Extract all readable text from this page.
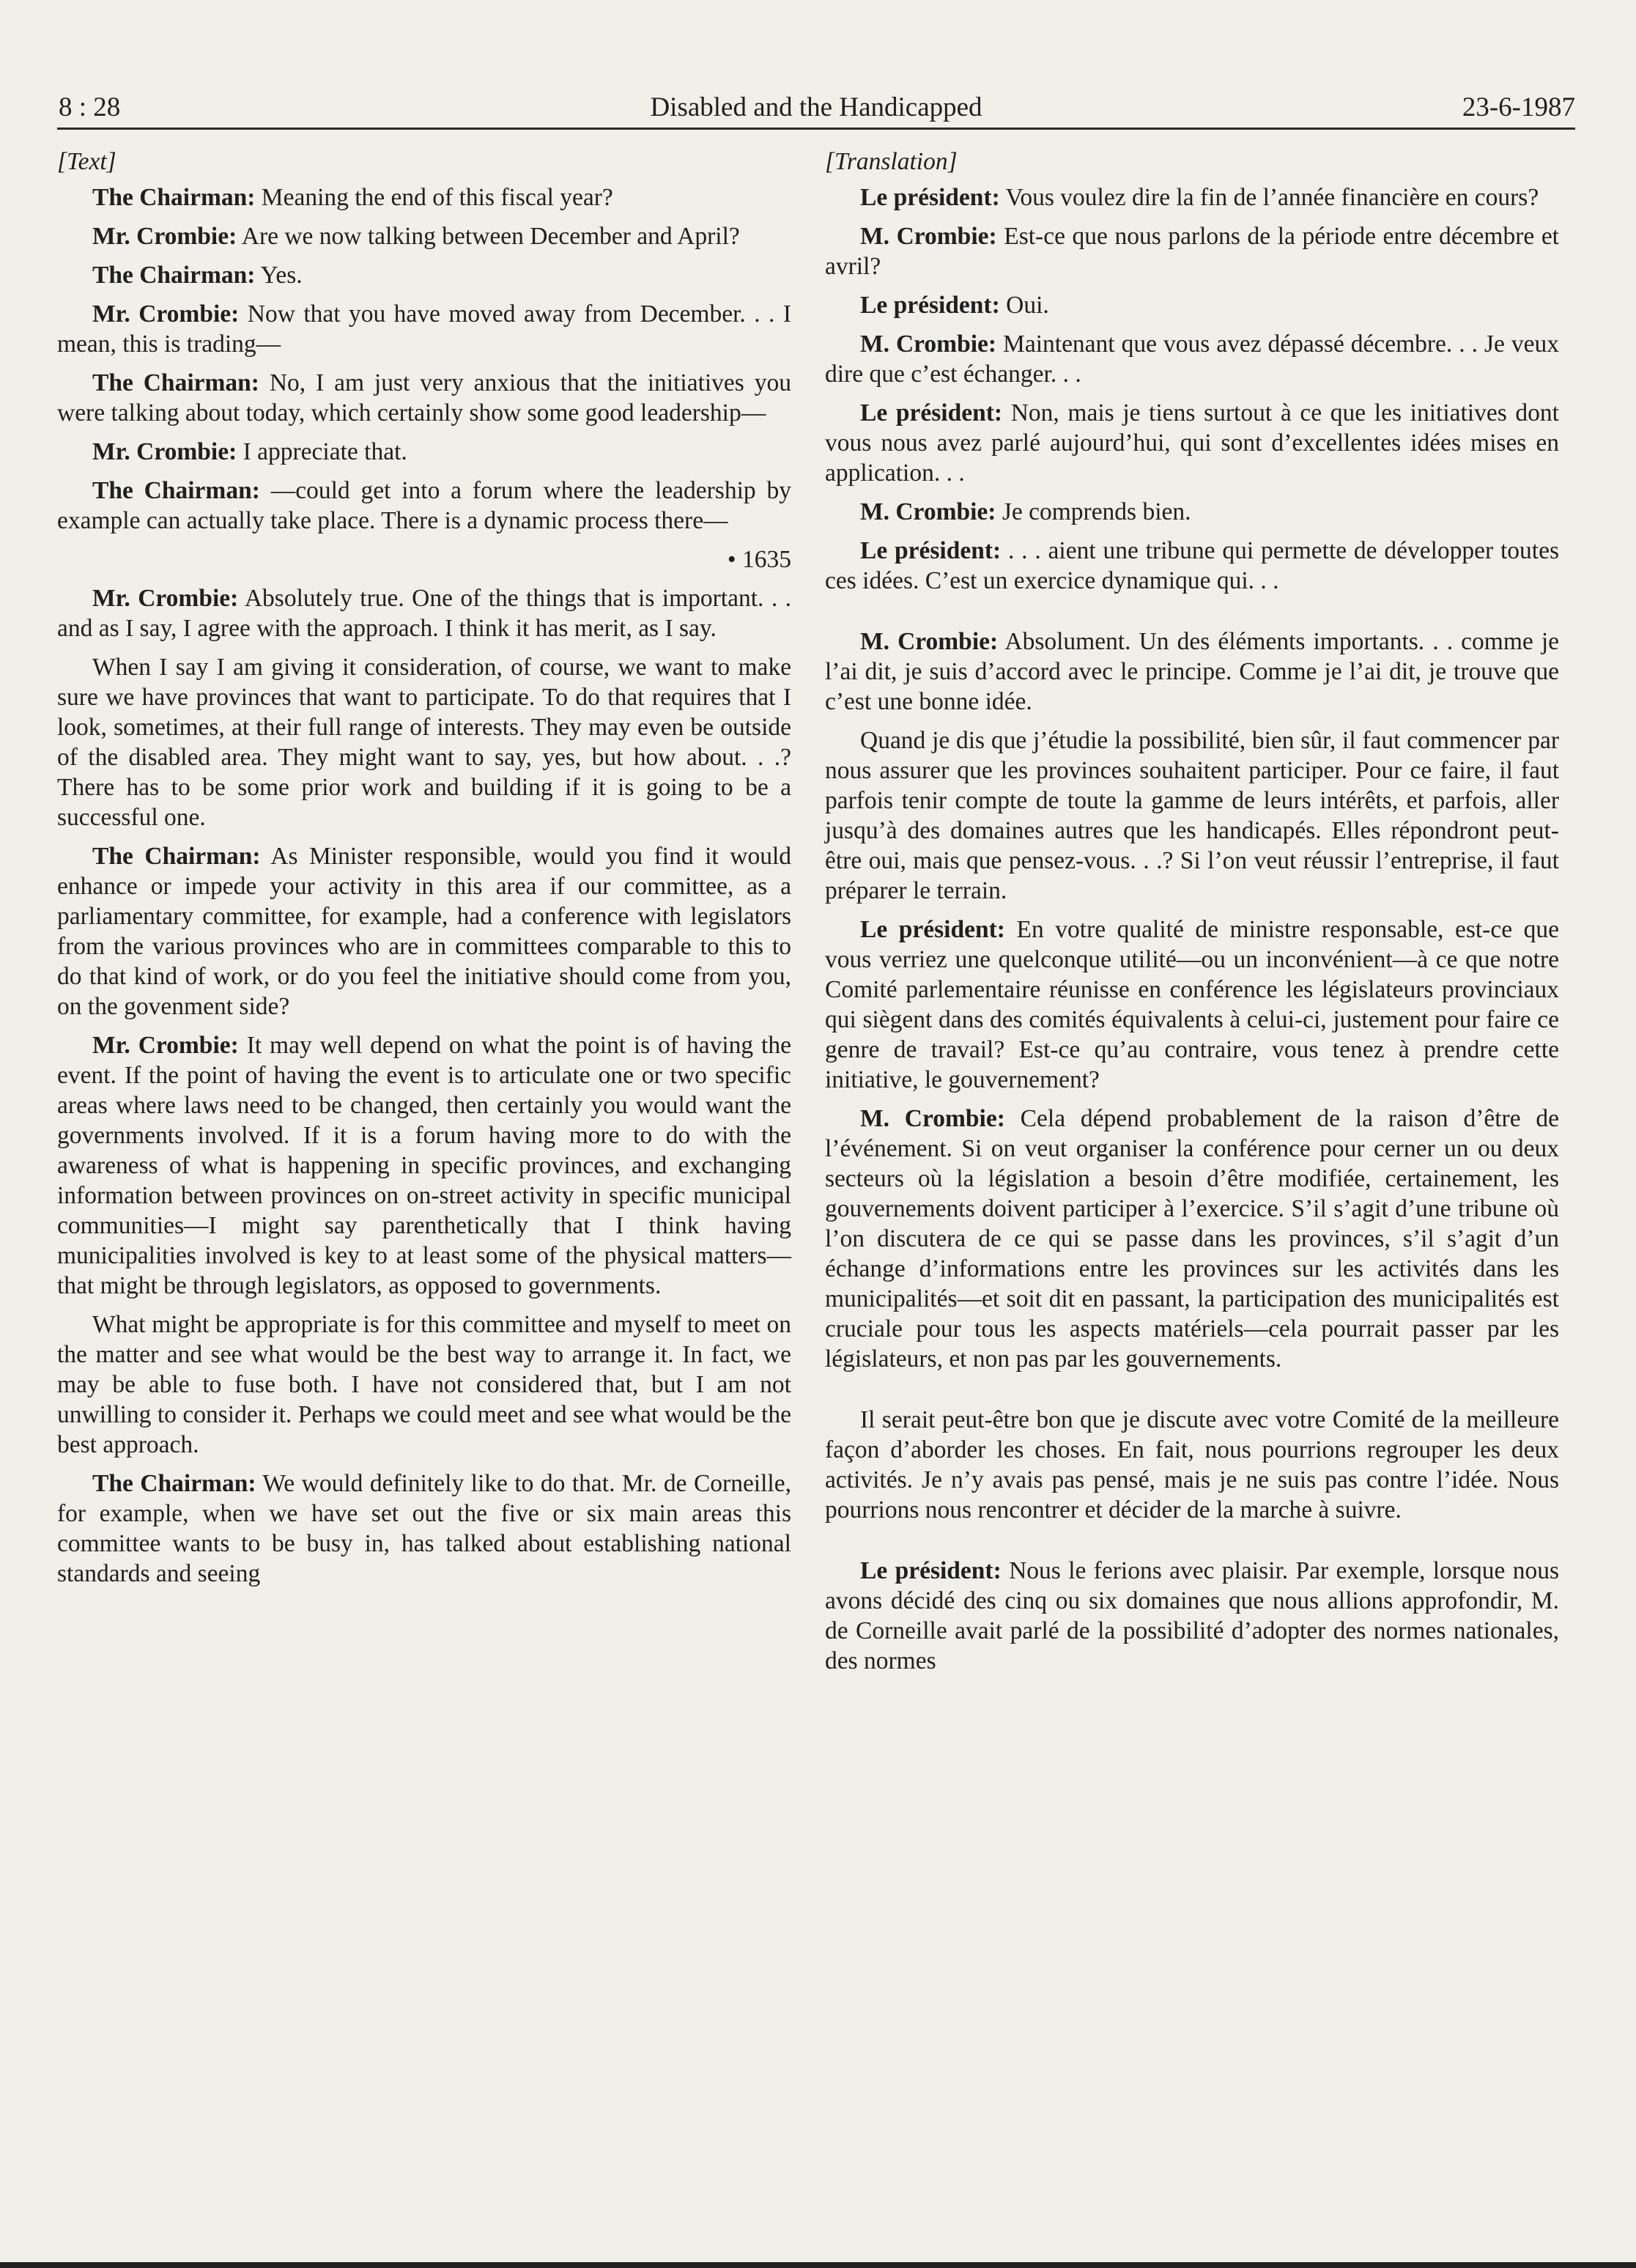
8 : 28	Disabled and the Handicapped	23-6-1987
[Text]

The Chairman: Meaning the end of this fiscal year?

Mr. Crombie: Are we now talking between December and April?

The Chairman: Yes.

Mr. Crombie: Now that you have moved away from December. . . I mean, this is trading—

The Chairman: No, I am just very anxious that the initiatives you were talking about today, which certainly show some good leadership—

Mr. Crombie: I appreciate that.

The Chairman: —could get into a forum where the leadership by example can actually take place. There is a dynamic process there—

• 1635

Mr. Crombie: Absolutely true. One of the things that is important. . . and as I say, I agree with the approach. I think it has merit, as I say.

When I say I am giving it consideration, of course, we want to make sure we have provinces that want to participate. To do that requires that I look, sometimes, at their full range of interests. They may even be outside of the disabled area. They might want to say, yes, but how about. . .? There has to be some prior work and building if it is going to be a successful one.

The Chairman: As Minister responsible, would you find it would enhance or impede your activity in this area if our committee, as a parliamentary committee, for example, had a conference with legislators from the various provinces who are in committees comparable to this to do that kind of work, or do you feel the initiative should come from you, on the govenment side?

Mr. Crombie: It may well depend on what the point is of having the event. If the point of having the event is to articulate one or two specific areas where laws need to be changed, then certainly you would want the governments involved. If it is a forum having more to do with the awareness of what is happening in specific provinces, and exchanging information between provinces on on-street activity in specific municipal communities—I might say parenthetically that I think having municipalities involved is key to at least some of the physical matters—that might be through legislators, as opposed to governments.

What might be appropriate is for this committee and myself to meet on the matter and see what would be the best way to arrange it. In fact, we may be able to fuse both. I have not considered that, but I am not unwilling to consider it. Perhaps we could meet and see what would be the best approach.

The Chairman: We would definitely like to do that. Mr. de Corneille, for example, when we have set out the five or six main areas this committee wants to be busy in, has talked about establishing national standards and seeing

[Translation]

Le président: Vous voulez dire la fin de l’année financière en cours?

M. Crombie: Est-ce que nous parlons de la période entre décembre et avril?

Le président: Oui.

M. Crombie: Maintenant que vous avez dépassé décembre. . . Je veux dire que c’est échanger. . .

Le président: Non, mais je tiens surtout à ce que les initiatives dont vous nous avez parlé aujourd’hui, qui sont d’excellentes idées mises en application. . .

M. Crombie: Je comprends bien.

Le président: . . . aient une tribune qui permette de développer toutes ces idées. C’est un exercice dynamique qui. . .

M. Crombie: Absolument. Un des éléments importants. . . comme je l’ai dit, je suis d’accord avec le principe. Comme je l’ai dit, je trouve que c’est une bonne idée.

Quand je dis que j’étudie la possibilité, bien sûr, il faut commencer par nous assurer que les provinces souhaitent participer. Pour ce faire, il faut parfois tenir compte de toute la gamme de leurs intérêts, et parfois, aller jusqu’à des domaines autres que les handicapés. Elles répondront peut-être oui, mais que pensez-vous. . .? Si l’on veut réussir l’entreprise, il faut préparer le terrain.

Le président: En votre qualité de ministre responsable, est-ce que vous verriez une quelconque utilité—ou un inconvénient—à ce que notre Comité parlementaire réunisse en conférence les législateurs provinciaux qui siègent dans des comités équivalents à celui-ci, justement pour faire ce genre de travail? Est-ce qu’au contraire, vous tenez à prendre cette initiative, le gouvernement?

M. Crombie: Cela dépend probablement de la raison d’être de l’événement. Si on veut organiser la conférence pour cerner un ou deux secteurs où la législation a besoin d’être modifiée, certainement, les gouvernements doivent participer à l’exercice. S’il s’agit d’une tribune où l’on discutera de ce qui se passe dans les provinces, s’il s’agit d’un échange d’informations entre les provinces sur les activités dans les municipalités—et soit dit en passant, la participation des municipalités est cruciale pour tous les aspects matériels—cela pourrait passer par les législateurs, et non pas par les gouvernements.

Il serait peut-être bon que je discute avec votre Comité de la meilleure façon d’aborder les choses. En fait, nous pourrions regrouper les deux activités. Je n’y avais pas pensé, mais je ne suis pas contre l’idée. Nous pourrions nous rencontrer et décider de la marche à suivre.

Le président: Nous le ferions avec plaisir. Par exemple, lorsque nous avons décidé des cinq ou six domaines que nous allions approfondir, M. de Corneille avait parlé de la possibilité d’adopter des normes nationales, des normes
